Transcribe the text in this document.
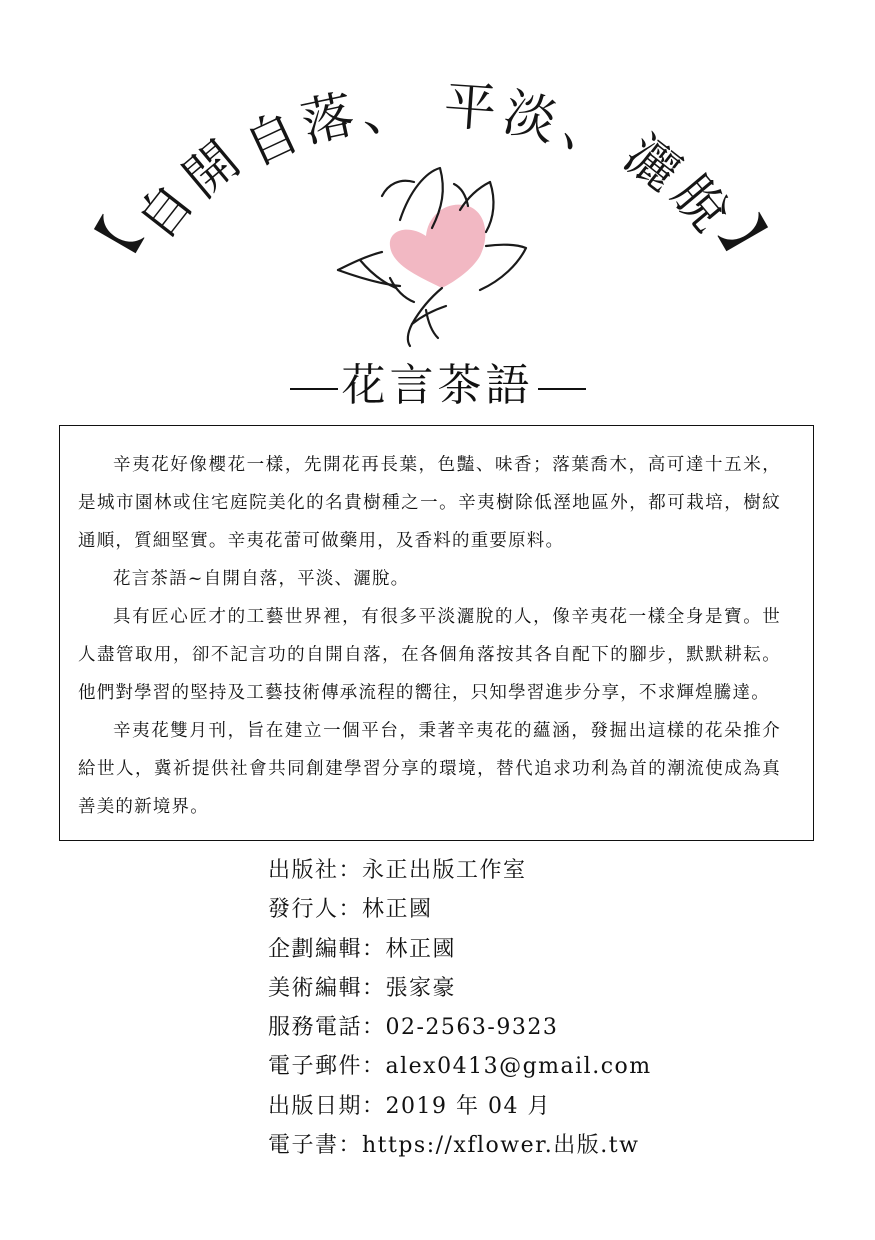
【
自
開
自
落 、 平 淡
、
灑
脫
】
花言茶語

辛夷花好像櫻花一樣，先開花再長葉，色豔、味香；落葉喬木，高可達十五米，是城市園林或住宅庭院美化的名貴樹種之一。辛夷樹除低溼地區外，都可栽培，樹紋通順，質細堅實。辛夷花蕾可做藥用，及香料的重要原料。

花言茶語~自開自落，平淡、灑脫。

具有匠心匠才的工藝世界裡，有很多平淡灑脫的人，像辛夷花一樣全身是寶。世人盡管取用，卻不記言功的自開自落，在各個角落按其各自配下的腳步，默默耕耘。他們對學習的堅持及工藝技術傳承流程的嚮往，只知學習進步分享，不求輝煌騰達。

辛夷花雙月刊，旨在建立一個平台，秉著辛夷花的蘊涵，發掘出這樣的花朵推介給世人，冀祈提供社會共同創建學習分享的環境，替代追求功利為首的潮流使成為真善美的新境界。

出版社：永正出版工作室
發行人：林正國
企劃編輯：林正國
美術編輯：張家豪
服務電話：02-2563-9323
電子郵件：alex0413@gmail.com
出版日期：2019 年 04 月
電子書：https://xflower.出版.tw
